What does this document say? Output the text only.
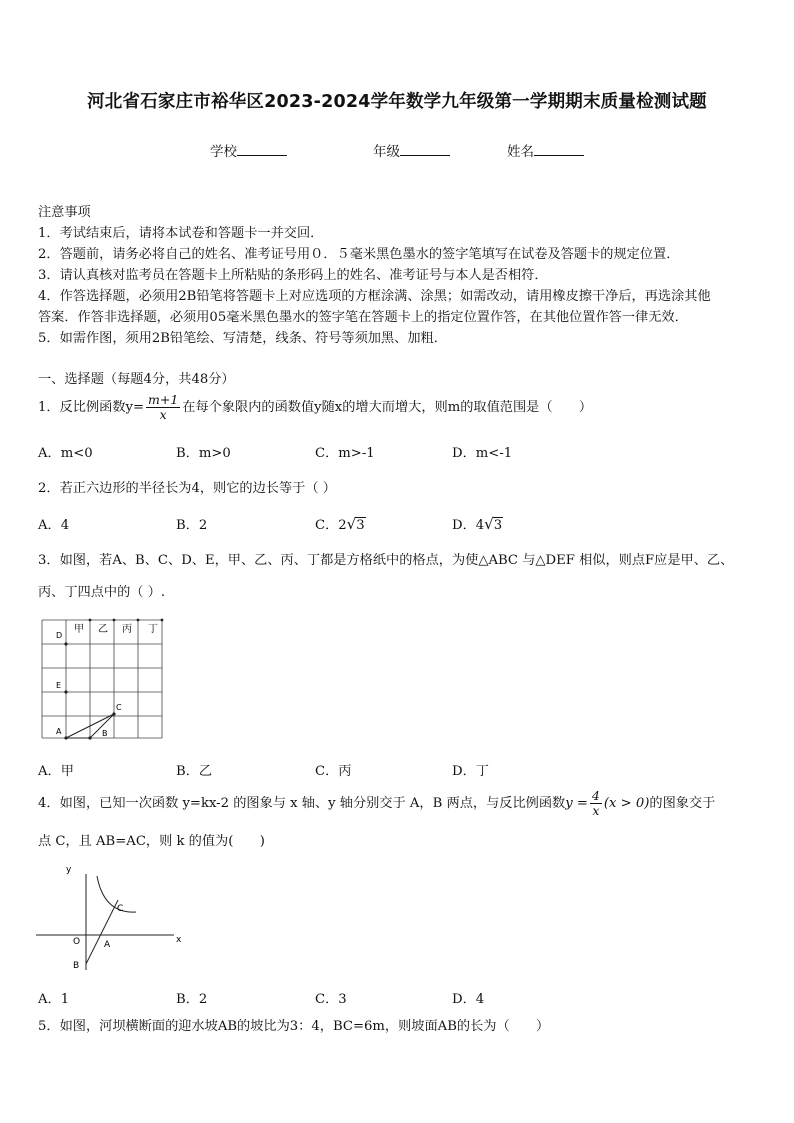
河北省石家庄市裕华区2023-2024学年数学九年级第一学期期末质量检测试题
学校	年级	姓名
注意事项
1．考试结束后，请将本试卷和答题卡一并交回．
2．答题前，请务必将自己的姓名、准考证号用０．５毫米黑色墨水的签字笔填写在试卷及答题卡的规定位置．
3．请认真核对监考员在答题卡上所粘贴的条形码上的姓名、准考证号与本人是否相符．
4．作答选择题，必须用2B铅笔将答题卡上对应选项的方框涂满、涂黑；如需改动，请用橡皮擦干净后，再选涂其他
答案．作答非选择题，必须用05毫米黑色墨水的签字笔在答题卡上的指定位置作答，在其他位置作答一律无效．
5．如需作图，须用2B铅笔绘、写清楚，线条、符号等须加黑、加粗．
一、选择题（每题4分，共48分）
1．反比例函数$y= \frac{m+1}{x}$ 在每个象限内的函数值y随x的增大而增大，则m的取值范围是（　　）
A．m<0	B．m>0	C．m>-1	D．m<-1
2．若正六边形的半径长为4，则它的边长等于（ ）
A．4	B．2	C．2√3	D．4√3
3．如图，若A、B、C、D、E，甲、乙、丙、丁都是方格纸中的格点，为使△ABC 与△DEF 相似，则点F应是甲、乙、
丙、丁四点中的（ ）.
甲 乙 丙 丁
D
E
A	B
C
A．甲	B．乙	C．丙	D．丁
4．如图，已知一次函数 y=kx-2 的图象与 x 轴、y 轴分别交于 A，B 两点，与反比例函数$y = \frac{4}{x} (x > 0)$的图象交于
点 C，且 AB=AC，则 k 的值为(　　)
y
x
O	A
B
C
A．1	B．2	C．3	D．4
5．如图，河坝横断面的迎水坡AB的坡比为3：4，BC=6m，则坡面AB的长为（　　）
